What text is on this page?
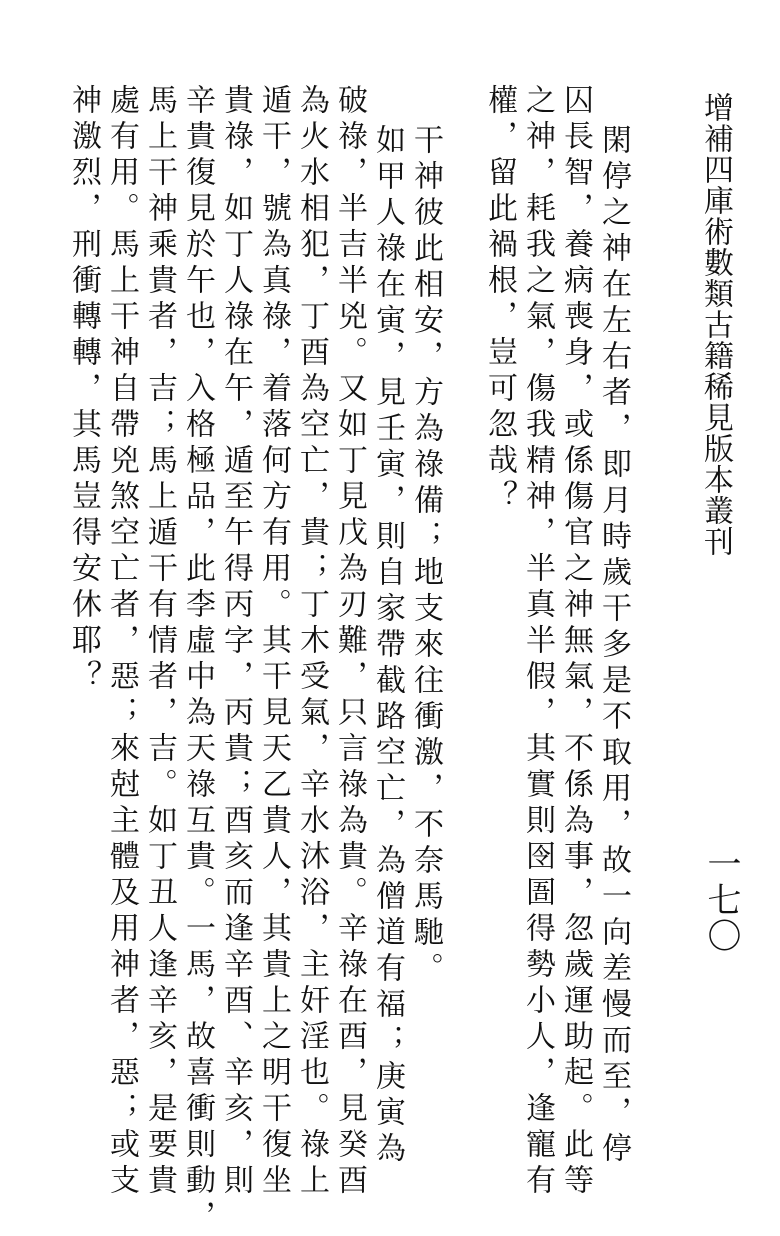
增補四庫術數類古籍稀見版本叢刊
一七〇
閑停之神在左右者，即月時歲干多是不取用，故一向差慢而至，停
囚長智，養病喪身，或係傷官之神無氣，不係為事，忽歲運助起。此等
之神，耗我之氣，傷我精神，半真半假，其實則囹圄得勢小人，逢寵有
權，留此禍根，豈可忽哉？
干神彼此相安，方為祿備；地支來往衝激，不奈馬馳。
如甲人祿在寅，見壬寅，則自家帶截路空亡，為僧道有福；庚寅為
破祿，半吉半兇。又如丁見戊為刃難，只言祿為貴。辛祿在酉，見癸酉
為火水相犯，丁酉為空亡，貴；丁木受氣，辛水沐浴，主奸淫也。祿上
遁干，號為真祿，着落何方有用。其干見天乙貴人，其貴上之明干復坐
貴祿，如丁人祿在午，遁至午得丙字，丙貴；酉亥而逢辛酉、辛亥，則
辛貴復見於午也，入格極品，此李虛中為天祿互貴。一馬，故喜衝則動，
馬上干神乘貴者，吉；馬上遁干有情者，吉。如丁丑人逢辛亥，是要貴
處有用。馬上干神自帶兇煞空亡者，惡；來尅主體及用神者，惡；或支
神激烈，刑衝轉轉，其馬豈得安休耶？
